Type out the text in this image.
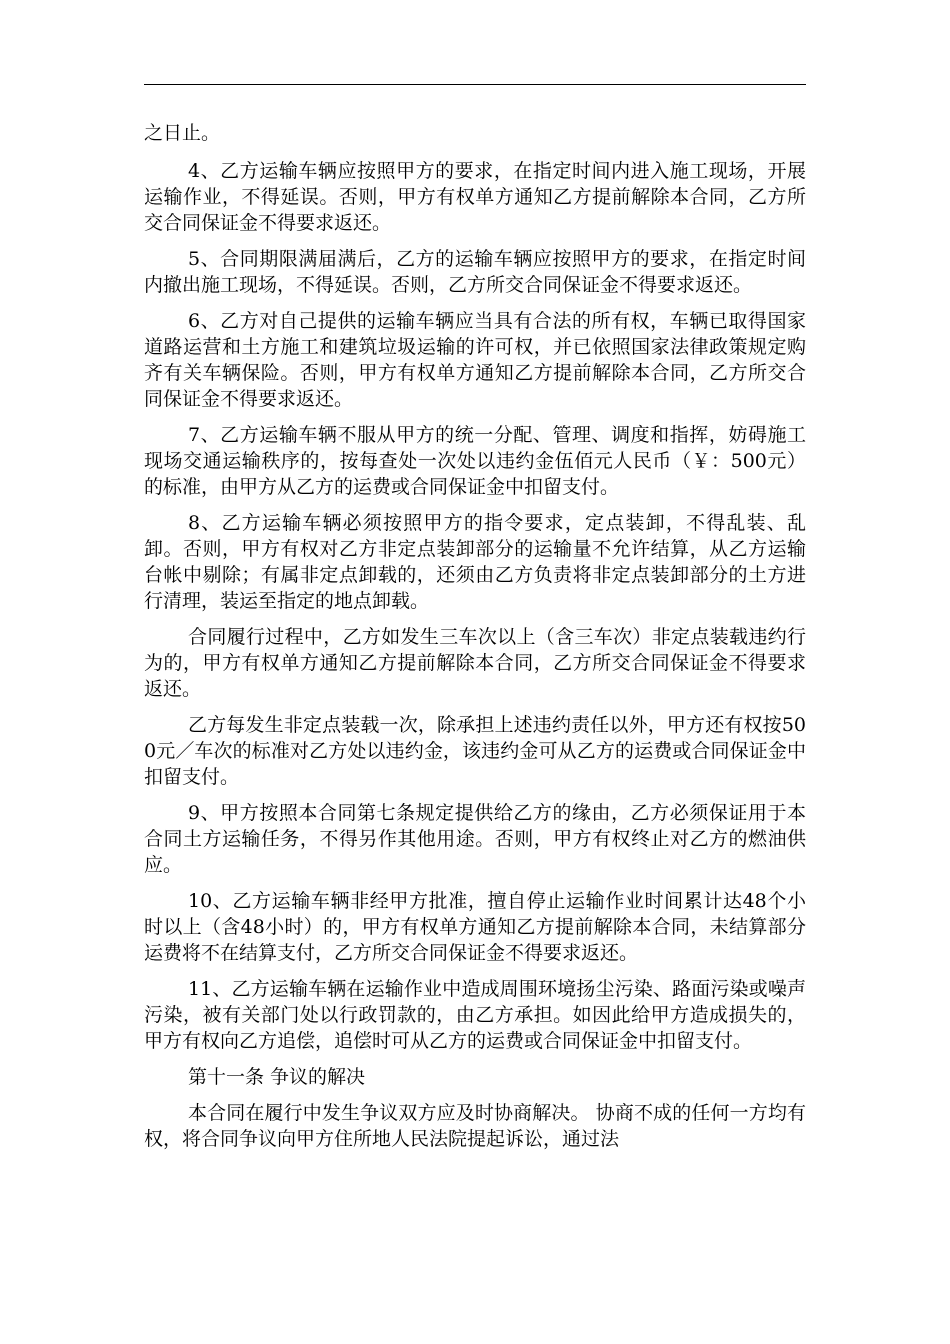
之日止。

4、乙方运输车辆应按照甲方的要求，在指定时间内进入施工现场，开展运输作业，不得延误。否则，甲方有权单方通知乙方提前解除本合同，乙方所交合同保证金不得要求返还。

5、合同期限满届满后，乙方的运输车辆应按照甲方的要求，在指定时间内撤出施工现场，不得延误。否则，乙方所交合同保证金不得要求返还。

6、乙方对自己提供的运输车辆应当具有合法的所有权，车辆已取得国家道路运营和土方施工和建筑垃圾运输的许可权，并已依照国家法律政策规定购齐有关车辆保险。否则，甲方有权单方通知乙方提前解除本合同，乙方所交合同保证金不得要求返还。

7、乙方运输车辆不服从甲方的统一分配、管理、调度和指挥，妨碍施工现场交通运输秩序的，按每查处一次处以违约金伍佰元人民币（￥：500元）的标准，由甲方从乙方的运费或合同保证金中扣留支付。

8、乙方运输车辆必须按照甲方的指令要求，定点装卸，不得乱装、乱卸。否则，甲方有权对乙方非定点装卸部分的运输量不允许结算，从乙方运输台帐中剔除；有属非定点卸载的，还须由乙方负责将非定点装卸部分的土方进行清理，装运至指定的地点卸载。

合同履行过程中，乙方如发生三车次以上（含三车次）非定点装载违约行为的，甲方有权单方通知乙方提前解除本合同，乙方所交合同保证金不得要求返还。

乙方每发生非定点装载一次，除承担上述违约责任以外，甲方还有权按500元／车次的标准对乙方处以违约金，该违约金可从乙方的运费或合同保证金中扣留支付。

9、甲方按照本合同第七条规定提供给乙方的缘由，乙方必须保证用于本合同土方运输任务，不得另作其他用途。否则，甲方有权终止对乙方的燃油供应。

10、乙方运输车辆非经甲方批准，擅自停止运输作业时间累计达48个小时以上（含48小时）的，甲方有权单方通知乙方提前解除本合同，未结算部分运费将不在结算支付，乙方所交合同保证金不得要求返还。

11、乙方运输车辆在运输作业中造成周围环境扬尘污染、路面污染或噪声污染，被有关部门处以行政罚款的，由乙方承担。如因此给甲方造成损失的，甲方有权向乙方追偿，追偿时可从乙方的运费或合同保证金中扣留支付。

第十一条 争议的解决

本合同在履行中发生争议双方应及时协商解决。 协商不成的任何一方均有权，将合同争议向甲方住所地人民法院提起诉讼，通过法
